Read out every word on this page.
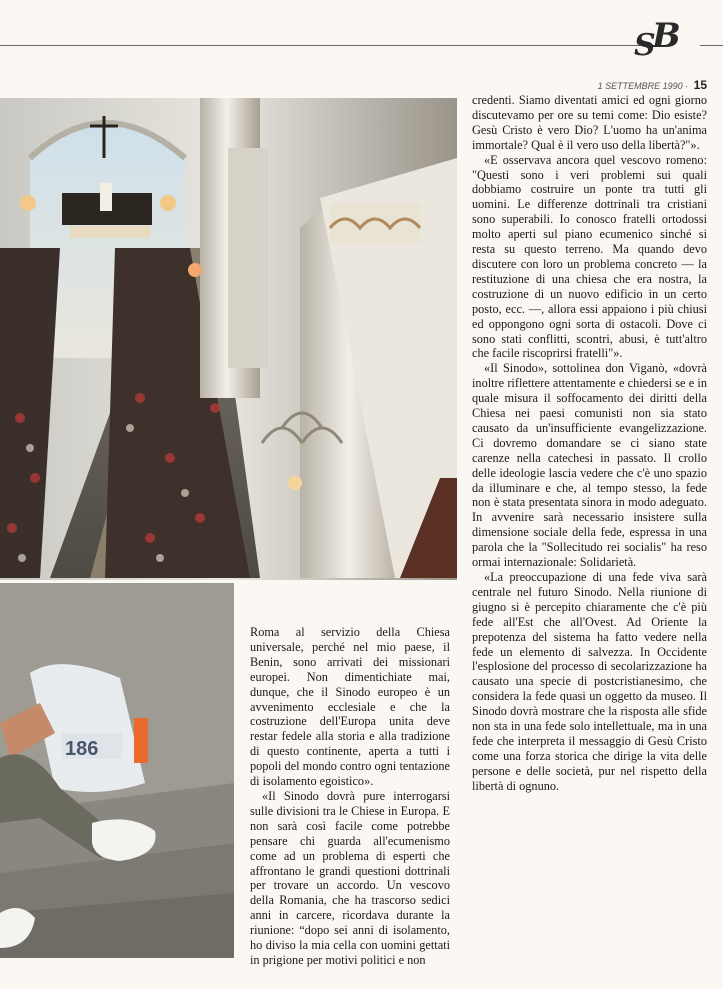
S
B
1 SETTEMBRE 1990 · 15
186

Roma al servizio della Chiesa universale, perché nel mio paese, il Benin, sono arrivati dei missionari europei. Non dimentichiate mai, dunque, che il Sinodo europeo è un avvenimento ecclesiale e che la costruzione dell'Europa unita deve restar fedele alla storia e alla tradizione di questo continente, aperta a tutti i popoli del mondo contro ogni tentazione di isolamento egoistico».

«Il Sinodo dovrà pure interrogarsi sulle divisioni tra le Chiese in Europa. E non sarà così facile come potrebbe pensare chi guarda all'ecumenismo come ad un problema di esperti che affrontano le grandi questioni dottrinali per trovare un accordo. Un vescovo della Romania, che ha trascorso sedici anni in carcere, ricordava durante la riunione: “dopo sei anni di isolamento, ho diviso la mia cella con uomini gettati in prigione per motivi politici e non

credenti. Siamo diventati amici ed ogni giorno discutevamo per ore su temi come: Dio esiste? Gesù Cristo è vero Dio? L'uomo ha un'anima immortale? Qual è il vero uso della libertà?"».

«E osservava ancora quel vescovo romeno: "Questi sono i veri problemi sui quali dobbiamo costruire un ponte tra tutti gli uomini. Le differenze dottrinali tra cristiani sono superabili. Io conosco fratelli ortodossi molto aperti sul piano ecumenico sinché si resta su questo terreno. Ma quando devo discutere con loro un problema concreto — la restituzione di una chiesa che era nostra, la costruzione di un nuovo edificio in un certo posto, ecc. —, allora essi appaiono i più chiusi ed oppongono ogni sorta di ostacoli. Dove ci sono stati conflitti, scontri, abusi, è tutt'altro che facile riscoprirsi fratelli"».

«Il Sinodo», sottolinea don Viganò, «dovrà inoltre riflettere attentamente e chiedersi se e in quale misura il soffocamento dei diritti della Chiesa nei paesi comunisti non sia stato causato da un'insufficiente evangelizzazione. Ci dovremo domandare se ci siano state carenze nella catechesi in passato. Il crollo delle ideologie lascia vedere che c'è uno spazio da illuminare e che, al tempo stesso, la fede non è stata presentata sinora in modo adeguato. In avvenire sarà necessario insistere sulla dimensione sociale della fede, espressa in una parola che la "Sollecitudo rei socialis" ha reso ormai internazionale: Solidarietà.

«La preoccupazione di una fede viva sarà centrale nel futuro Sinodo. Nella riunione di giugno si è percepito chiaramente che c'è più fede all'Est che all'Ovest. Ad Oriente la prepotenza del sistema ha fatto vedere nella fede un elemento di salvezza. In Occidente l'esplosione del processo di secolarizzazione ha causato una specie di postcristianesimo, che considera la fede quasi un oggetto da museo. Il Sinodo dovrà mostrare che la risposta alle sfide non sta in una fede solo intellettuale, ma in una fede che interpreta il messaggio di Gesù Cristo come una forza storica che dirige la vita delle persone e delle società, pur nel rispetto della libertà di ognuno.
